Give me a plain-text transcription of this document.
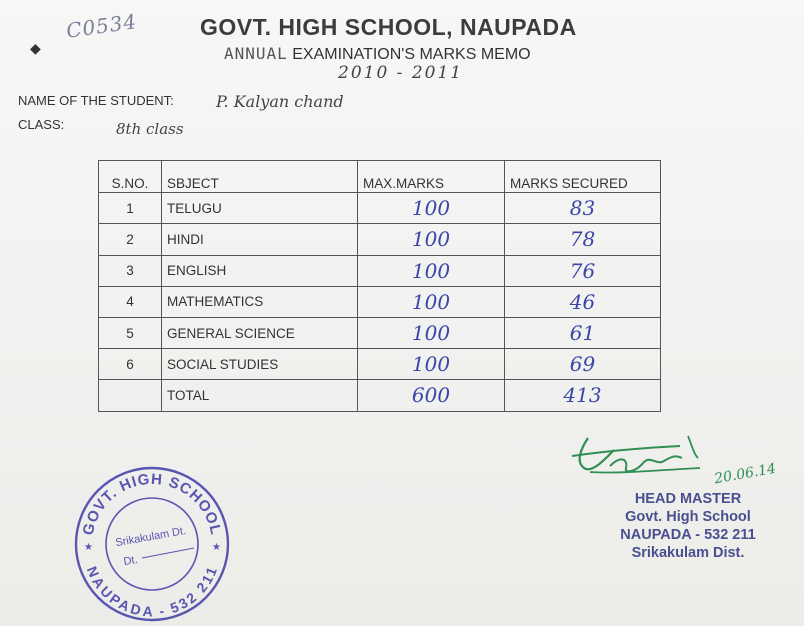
◆
C0534	GOVT. HIGH SCHOOL, NAUPADA
ANNUAL EXAMINATION'S MARKS MEMO
2010 - 2011
NAME OF THE STUDENT:	P. Kalyan chand
CLASS:	8th class
S.NO.	SBJECT	MAX.MARKS	MARKS SECURED
1	TELUGU	100	83
2	HINDI	100	78
3	ENGLISH	100	76
4	MATHEMATICS	100	46
5	GENERAL SCIENCE	100	61
6	SOCIAL STUDIES	100	69
	TOTAL	600	413
20.06.14
HEAD MASTER
Govt. High School
NAUPADA - 532 211
Srikakulam Dist.
GOVT. HIGH SCHOOL
NAUPADA - 532 211
Srikakulam Dt.
Dt.
★	★
